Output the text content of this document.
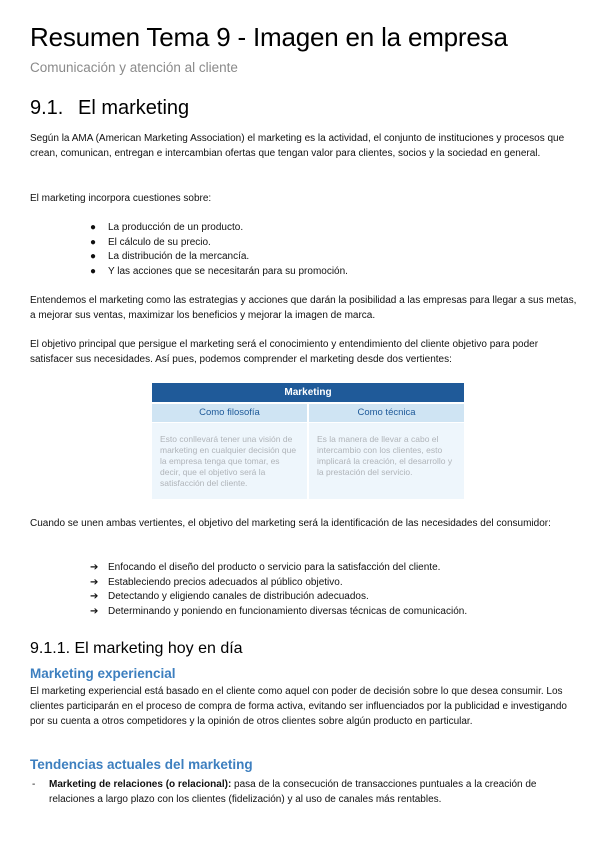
Resumen Tema 9 - Imagen en la empresa
Comunicación y atención al cliente
9.1. El marketing
Según la AMA (American Marketing Association) el marketing es la actividad, el conjunto de instituciones y procesos que crean, comunican, entregan e intercambian ofertas que tengan valor para clientes, socios y la sociedad en general.
El marketing incorpora cuestiones sobre:
● La producción de un producto.
● El cálculo de su precio.
● La distribución de la mercancía.
● Y las acciones que se necesitarán para su promoción.
Entendemos el marketing como las estrategias y acciones que darán la posibilidad a las empresas para llegar a sus metas, a mejorar sus ventas, maximizar los beneficios y mejorar la imagen de marca.
El objetivo principal que persigue el marketing será el conocimiento y entendimiento del cliente objetivo para poder satisfacer sus necesidades. Así pues, podemos comprender el marketing desde dos vertientes:
Marketing
Como filosofía	Como técnica
Esto conllevará tener una visión de marketing en cualquier decisión que la empresa tenga que tomar, es decir, que el objetivo será la satisfacción del cliente.
Es la manera de llevar a cabo el intercambio con los clientes, esto implicará la creación, el desarrollo y la prestación del servicio.
Cuando se unen ambas vertientes, el objetivo del marketing será la identificación de las necesidades del consumidor:
➔ Enfocando el diseño del producto o servicio para la satisfacción del cliente.
➔ Estableciendo precios adecuados al público objetivo.
➔ Detectando y eligiendo canales de distribución adecuados.
➔ Determinando y poniendo en funcionamiento diversas técnicas de comunicación.
9.1.1. El marketing hoy en día
Marketing experiencial
El marketing experiencial está basado en el cliente como aquel con poder de decisión sobre lo que desea consumir. Los clientes participarán en el proceso de compra de forma activa, evitando ser influenciados por la publicidad e investigando por su cuenta a otros competidores y la opinión de otros clientes sobre algún producto en particular.
Tendencias actuales del marketing
-	Marketing de relaciones (o relacional): pasa de la consecución de transacciones puntuales a la creación de relaciones a largo plazo con los clientes (fidelización) y al uso de canales más rentables.
